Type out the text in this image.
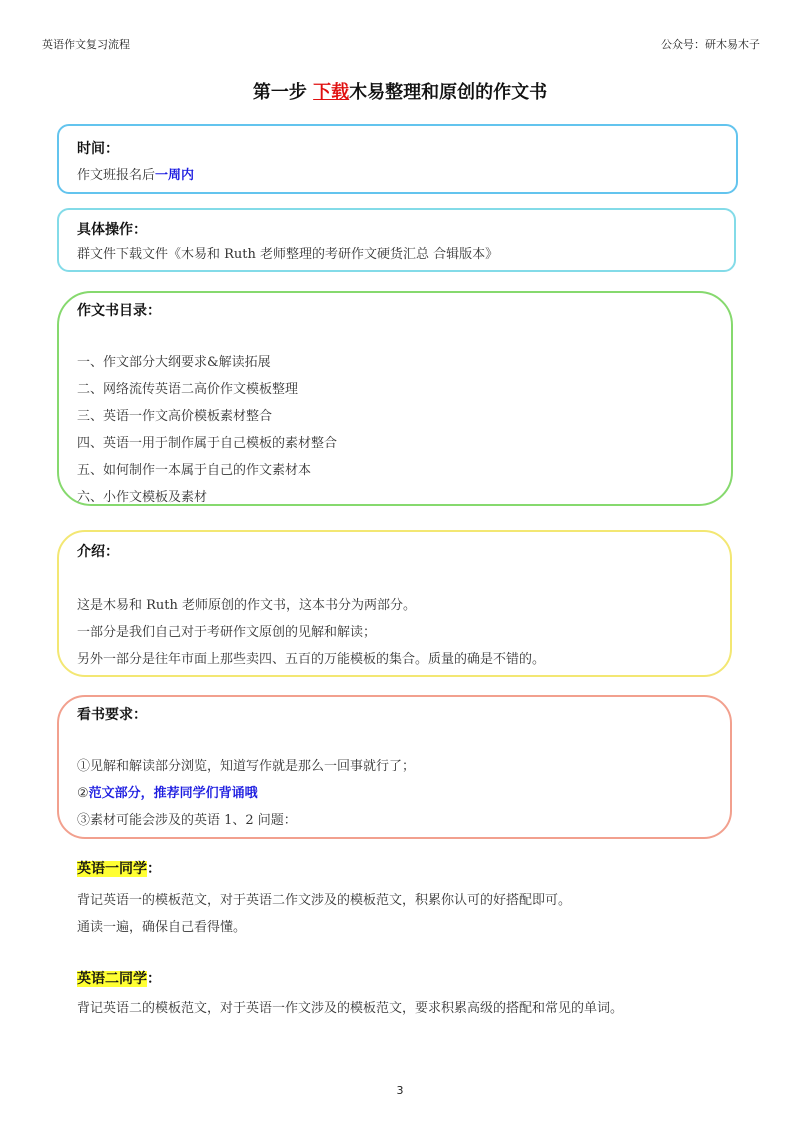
英语作文复习流程	公众号：研木易木子
第一步 下载木易整理和原创的作文书
时间：
作文班报名后一周内
具体操作：
群文件下载文件《木易和 Ruth 老师整理的考研作文硬货汇总 合辑版本》
作文书目录：
一、作文部分大纲要求&解读拓展
二、网络流传英语二高价作文模板整理
三、英语一作文高价模板素材整合
四、英语一用于制作属于自己模板的素材整合
五、如何制作一本属于自己的作文素材本
六、小作文模板及素材
介绍：
这是木易和 Ruth 老师原创的作文书，这本书分为两部分。
一部分是我们自己对于考研作文原创的见解和解读；
另外一部分是往年市面上那些卖四、五百的万能模板的集合。质量的确是不错的。
看书要求：
①见解和解读部分浏览，知道写作就是那么一回事就行了；
②范文部分，推荐同学们背诵哦
③素材可能会涉及的英语 1、2 问题：
英语一同学：
背记英语一的模板范文，对于英语二作文涉及的模板范文，积累你认可的好搭配即可。
通读一遍，确保自己看得懂。
英语二同学：
背记英语二的模板范文，对于英语一作文涉及的模板范文，要求积累高级的搭配和常见的单词。
3
